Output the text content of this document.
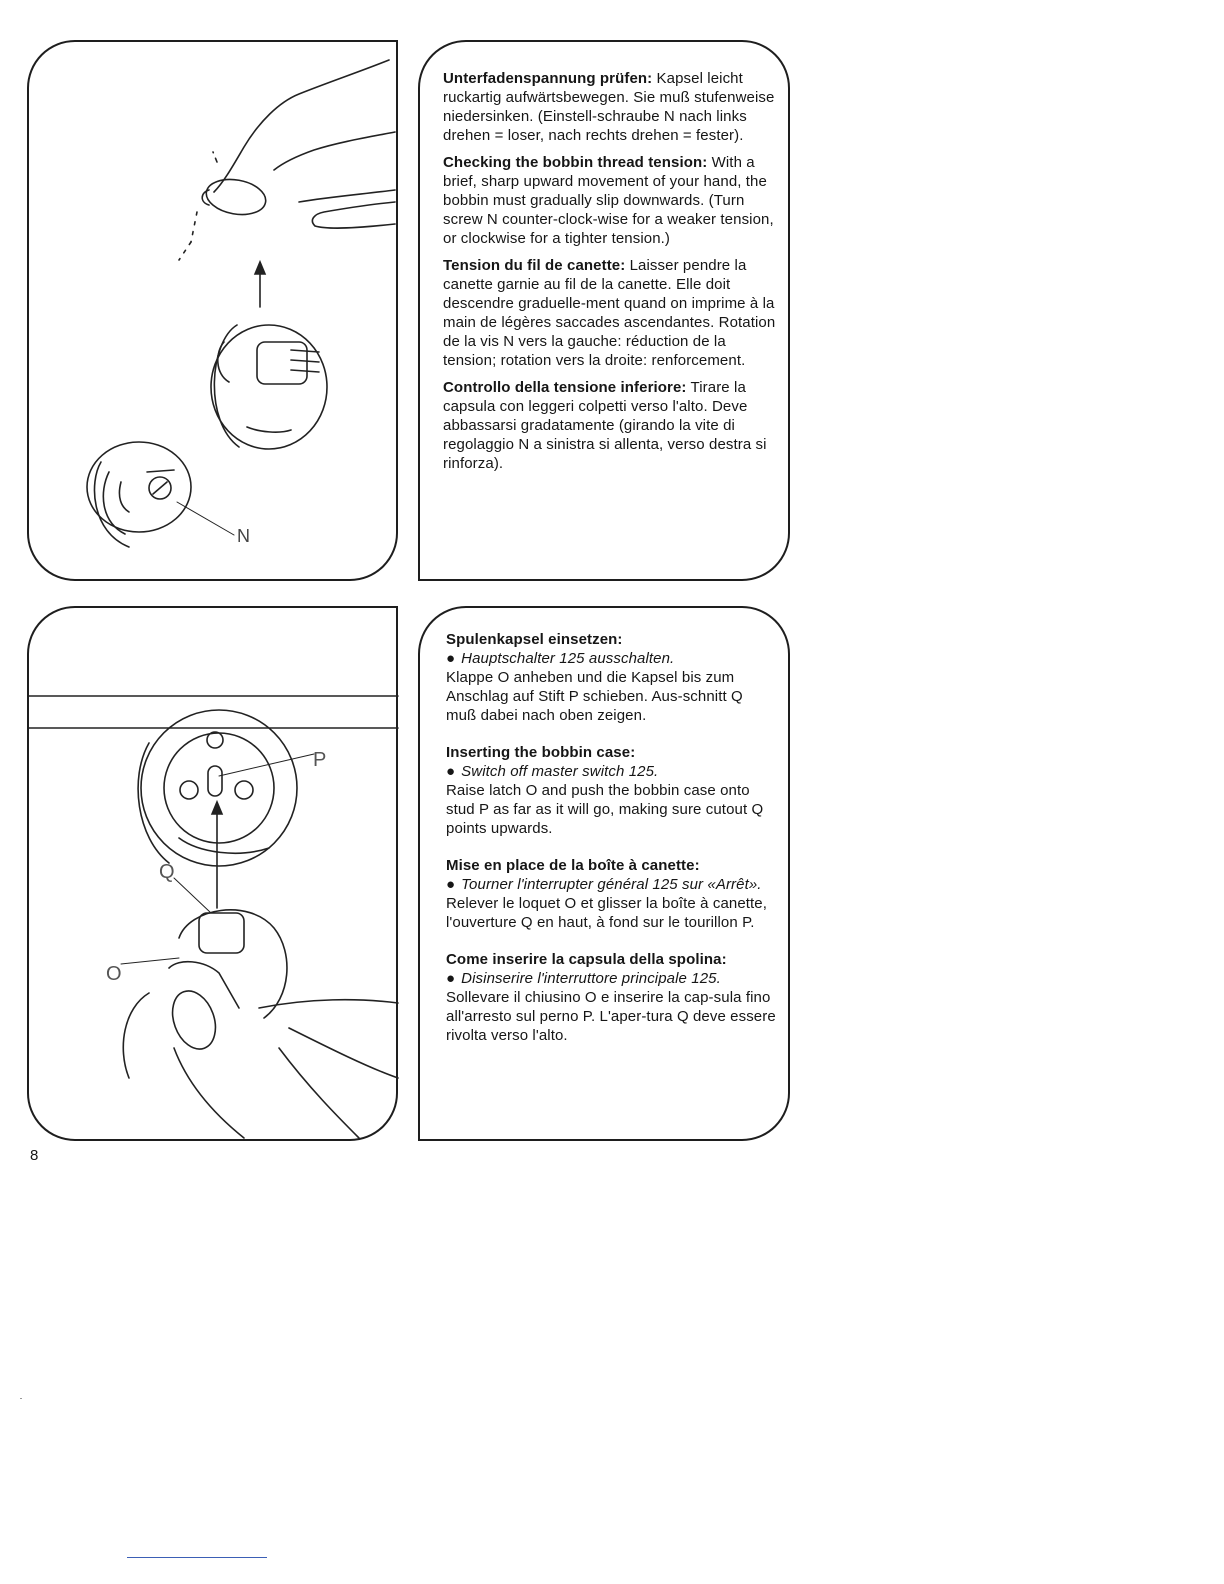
N

Unterfadenspannung prüfen: Kapsel leicht ruckartig aufwärtsbewegen. Sie muß stufenweise niedersinken. (Einstell-schraube N nach links drehen = loser, nach rechts drehen = fester).

Checking the bobbin thread tension: With a brief, sharp upward movement of your hand, the bobbin must gradually slip downwards. (Turn screw N counter-clock-wise for a weaker tension, or clockwise for a tighter tension.)

Tension du fil de canette: Laisser pendre la canette garnie au fil de la canette. Elle doit descendre graduelle-ment quand on imprime à la main de légères saccades ascendantes. Rotation de la vis N vers la gauche: réduction de la tension; rotation vers la droite: renforcement.

Controllo della tensione inferiore: Tirare la capsula con leggeri colpetti verso l'alto. Deve abbassarsi gradatamente (girando la vite di regolaggio N a sinistra si allenta, verso destra si rinforza).

P
Q
O
Spulenkapsel einsetzen:
● Hauptschalter 125 ausschalten.
Klappe O anheben und die Kapsel bis zum Anschlag auf Stift P schieben. Aus-schnitt Q muß dabei nach oben zeigen.
Inserting the bobbin case:
● Switch off master switch 125.
Raise latch O and push the bobbin case onto stud P as far as it will go, making sure cutout Q points upwards.
Mise en place de la boîte à canette:
● Tourner l'interrupter général 125 sur «Arrêt».
Relever le loquet O et glisser la boîte à canette, l'ouverture Q en haut, à fond sur le tourillon P.
Come inserire la capsula della spolina:
● Disinserire l'interruttore principale 125.
Sollevare il chiusino O e inserire la cap-sula fino all'arresto sul perno P. L'aper-tura Q deve essere rivolta verso l'alto.
8
